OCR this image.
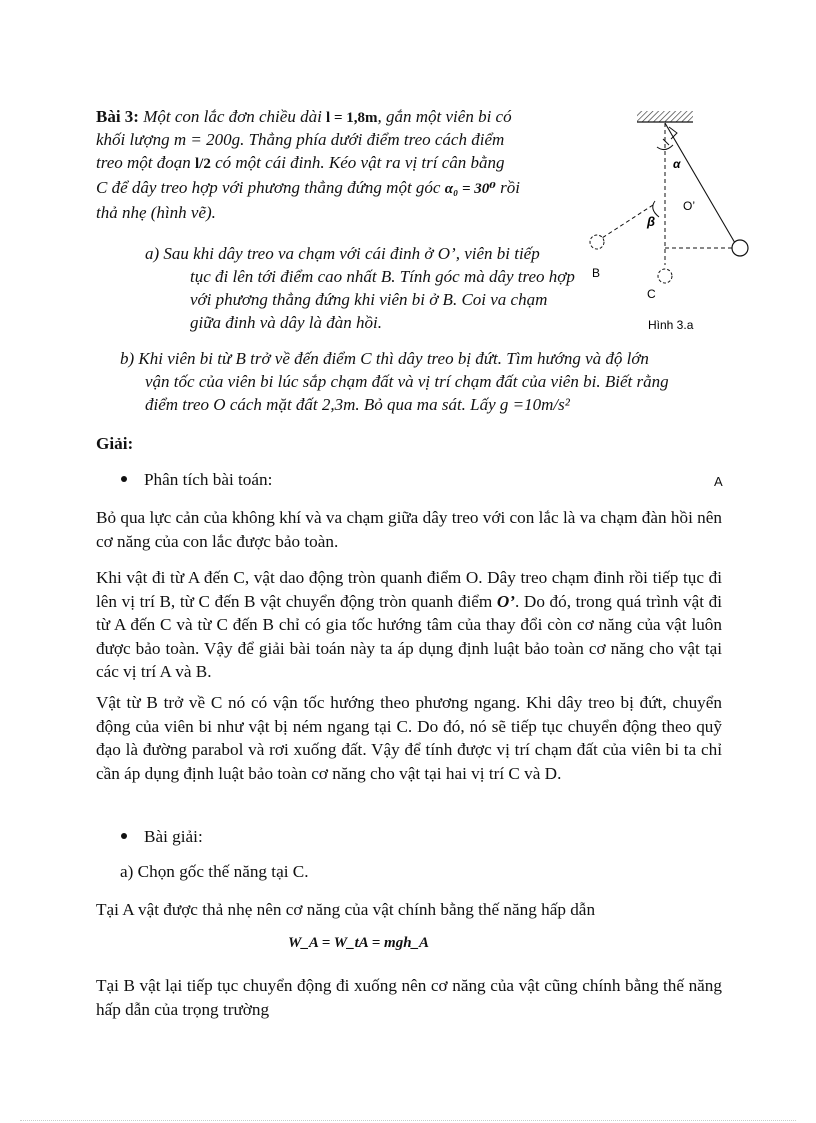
Bài 3: Một con lắc đơn chiều dài l = 1,8m, gắn một viên bi có
khối lượng m = 200g. Thẳng phía dưới điểm treo cách điểm
treo một đoạn l/2 có một cái đinh. Kéo vật ra vị trí cân bằng
C để dây treo hợp với phương thẳng đứng một góc α₀ = 30⁰ rồi
thả nhẹ (hình vẽ).
a) Sau khi dây treo va chạm với cái đinh ở O’, viên bi tiếp
tục đi lên tới điểm cao nhất B. Tính góc mà dây treo hợp
với phương thẳng đứng khi viên bi ở B. Coi va chạm
giữa đinh và dây là đàn hồi.
b) Khi viên bi từ B trở về đến điểm C thì dây treo bị đứt. Tìm hướng và độ lớn
vận tốc của viên bi lúc sắp chạm đất và vị trí chạm đất của viên bi. Biết rằng
điểm treo O cách mặt đất 2,3m. Bỏ qua ma sát. Lấy g =10m/s²
α
β
O’
C
B
Hình 3.a
Giải:
Phân tích bài toán:	A
Bỏ qua lực cản của không khí và va chạm giữa dây treo với con lắc là va chạm đàn hồi nên cơ năng của con lắc được bảo toàn.
Khi vật đi từ A đến C, vật dao động tròn quanh điểm O. Dây treo chạm đinh rồi tiếp tục đi lên vị trí B, từ C đến B vật chuyển động tròn quanh điểm O’. Do đó, trong quá trình vật đi từ A đến C và từ C đến B chỉ có gia tốc hướng tâm của thay đổi còn cơ năng của vật luôn được bảo toàn. Vậy để giải bài toán này ta áp dụng định luật bảo toàn cơ năng cho vật tại các vị trí A và B.
Vật từ B trở về C nó có vận tốc hướng theo phương ngang. Khi dây treo bị đứt, chuyển động của viên bi như vật bị ném ngang tại C. Do đó, nó sẽ tiếp tục chuyển động theo quỹ đạo là đường parabol và rơi xuống đất. Vậy để tính được vị trí chạm đất của viên bi ta chỉ cần áp dụng định luật bảo toàn cơ năng cho vật tại hai vị trí C và D.
Bài giải:
a) Chọn gốc thế năng tại C.
Tại A vật được thả nhẹ nên cơ năng của vật chính bằng thế năng hấp dẫn
W_A = W_tA = mgh_A
Tại B vật lại tiếp tục chuyển động đi xuống nên cơ năng của vật cũng chính bằng thế năng hấp dẫn của trọng trường
